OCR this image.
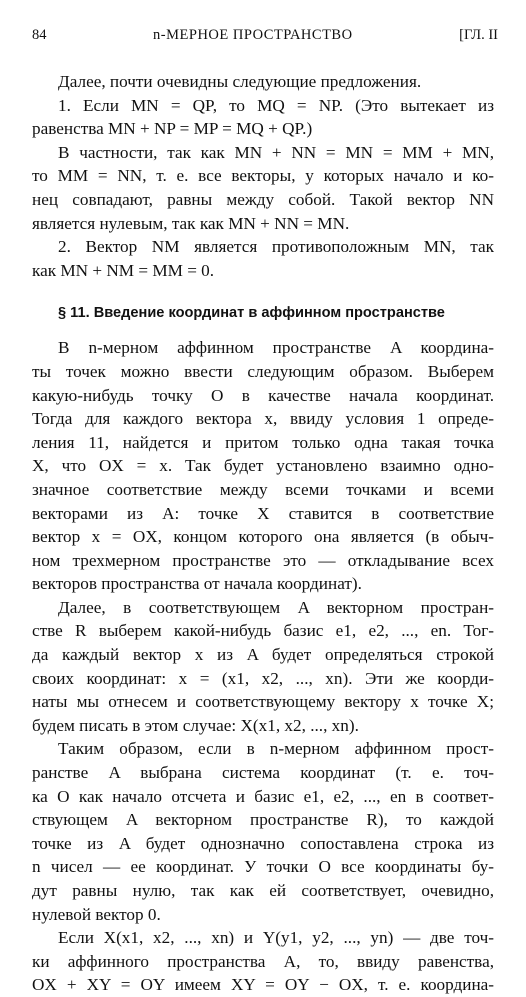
84	n-МЕРНОЕ ПРОСТРАНСТВО	[ГЛ. II
Далее, почти очевидны следующие предложения.
1. Если MN = QP, то MQ = NP. (Это вытекает из
равенства MN + NP = MP = MQ + QP.)
В частности, так как MN + NN = MN = MM + MN,
то MM = NN, т. е. все векторы, у которых начало и ко-
нец совпадают, равны между собой. Такой вектор NN
является нулевым, так как MN + NN = MN.
2. Вектор NM является противоположным MN, так
как MN + NM = MM = 0.
§ 11. Введение координат в аффинном пространстве
В n-мерном аффинном пространстве A координа-
ты точек можно ввести следующим образом. Выберем
какую-нибудь точку O в качестве начала координат.
Тогда для каждого вектора x, ввиду условия 1 опреде-
ления 11, найдется и притом только одна такая точка
X, что OX = x. Так будет установлено взаимно одно-
значное соответствие между всеми точками и всеми
векторами из A: точке X ставится в соответствие
вектор x = OX, концом которого она является (в обыч-
ном трехмерном пространстве это — откладывание всех
векторов пространства от начала координат).
Далее, в соответствующем A векторном простран-
стве R выберем какой-нибудь базис e1, e2, ..., en. Тог-
да каждый вектор x из A будет определяться строкой
своих координат: x = (x1, x2, ..., xn). Эти же коорди-
наты мы отнесем и соответствующему вектору x точке X;
будем писать в этом случае: X(x1, x2, ..., xn).
Таким образом, если в n-мерном аффинном прост-
ранстве A выбрана система координат (т. е. точ-
ка O как начало отсчета и базис e1, e2, ..., en в соответ-
ствующем A векторном пространстве R), то каждой
точке из A будет однозначно сопоставлена строка из
n чисел — ее координат. У точки O все координаты бу-
дут равны нулю, так как ей соответствует, очевидно,
нулевой вектор 0.
Если X(x1, x2, ..., xn) и Y(y1, y2, ..., yn) — две точ-
ки аффинного пространства A, то, ввиду равенства,
OX + XY = OY имеем XY = OY − OX, т. е. координа-
